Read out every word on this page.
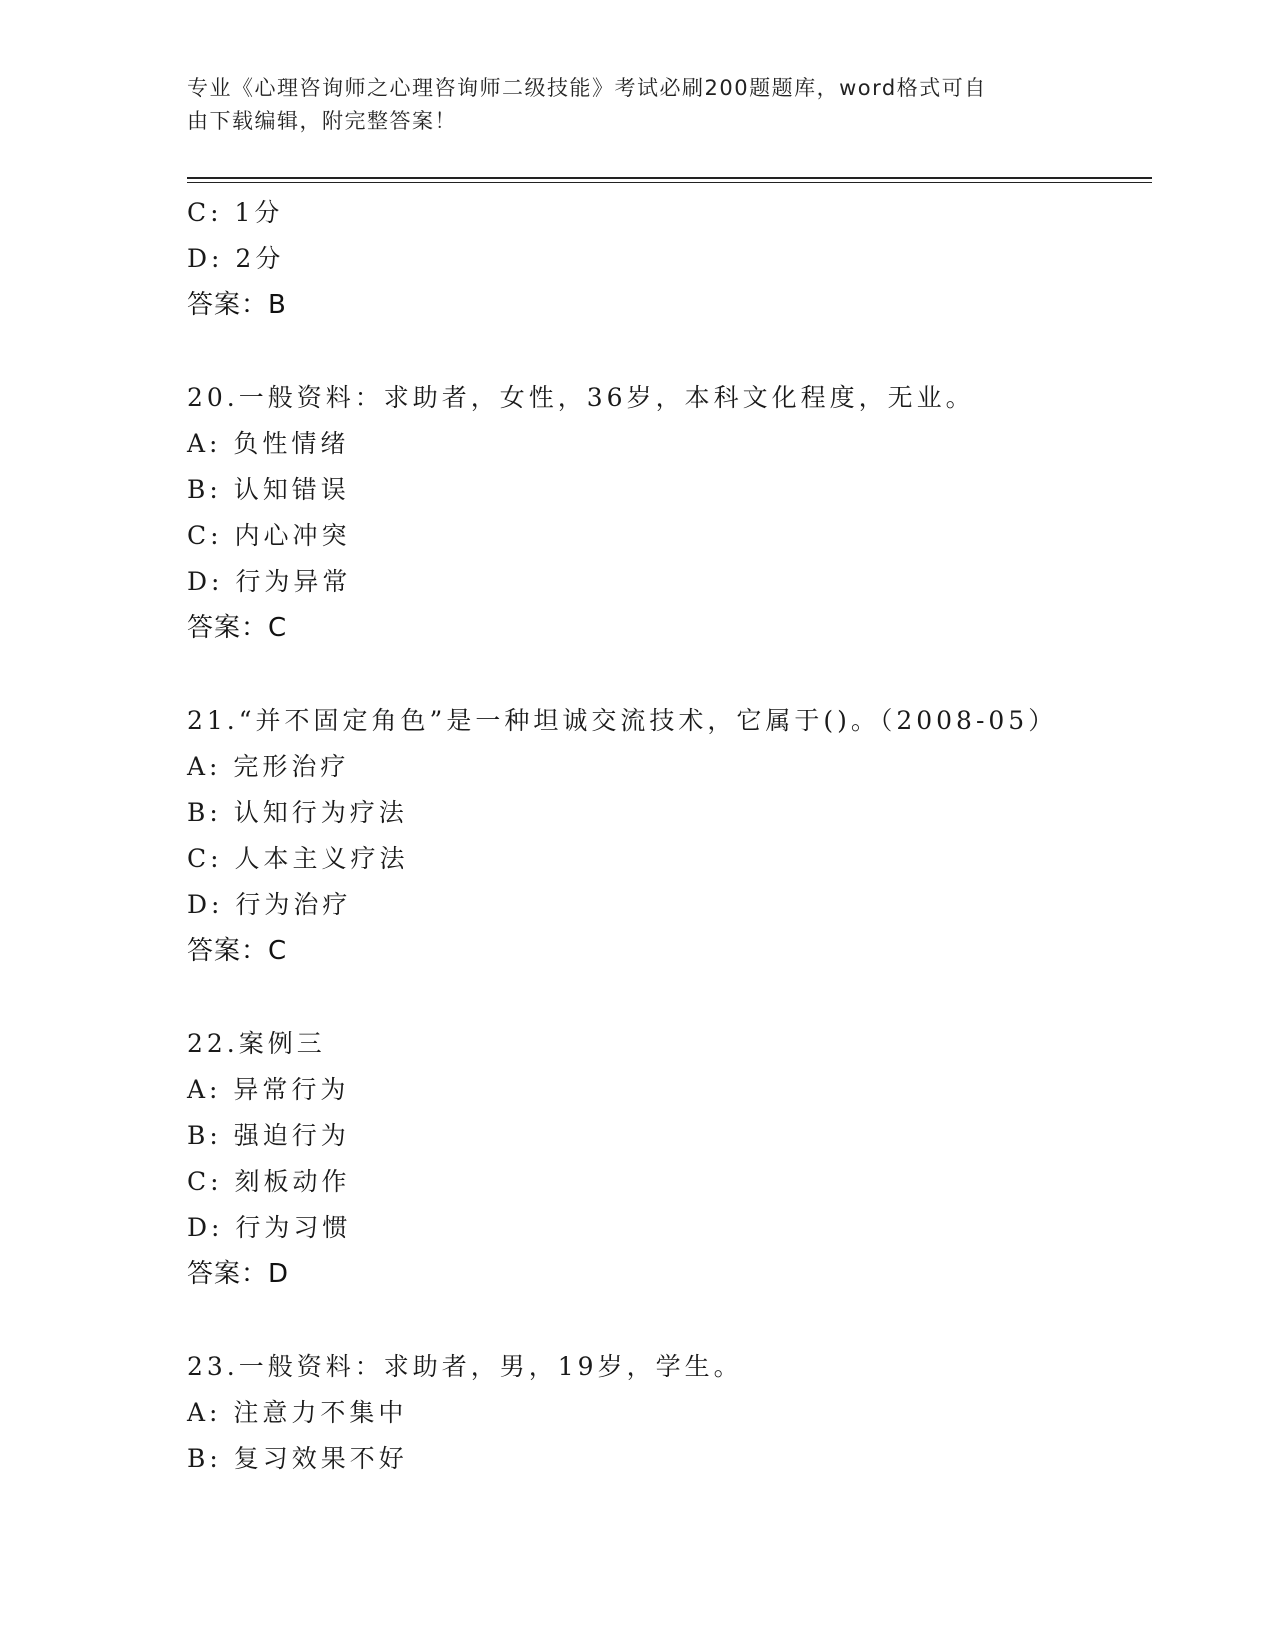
专业《心理咨询师之心理咨询师二级技能》考试必刷200题题库，word格式可自
由下载编辑，附完整答案！
C: 1分
D: 2分
答案：B
20.一般资料：求助者，女性，36岁，本科文化程度，无业。
A: 负性情绪
B: 认知错误
C: 内心冲突
D: 行为异常
答案：C
21.“并不固定角色”是一种坦诚交流技术，它属于()。（2008-05）
A: 完形治疗
B: 认知行为疗法
C: 人本主义疗法
D: 行为治疗
答案：C
22.案例三
A: 异常行为
B: 强迫行为
C: 刻板动作
D: 行为习惯
答案：D
23.一般资料：求助者，男，19岁，学生。
A: 注意力不集中
B: 复习效果不好
